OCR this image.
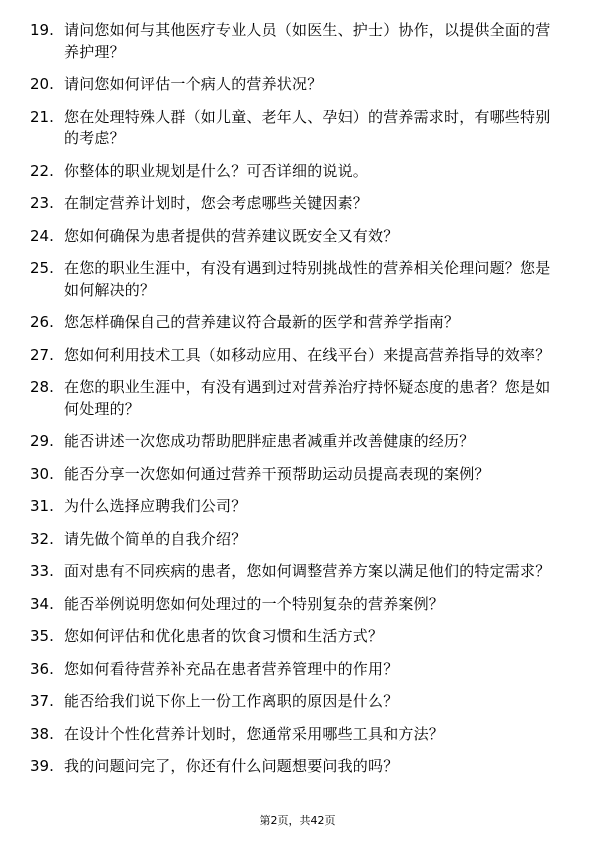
19. 请问您如何与其他医疗专业人员（如医生、护士）协作，以提供全面的营养护理？
20. 请问您如何评估一个病人的营养状况？
21. 您在处理特殊人群（如儿童、老年人、孕妇）的营养需求时，有哪些特别的考虑？
22. 你整体的职业规划是什么？可否详细的说说。
23. 在制定营养计划时，您会考虑哪些关键因素？
24. 您如何确保为患者提供的营养建议既安全又有效？
25. 在您的职业生涯中，有没有遇到过特别挑战性的营养相关伦理问题？您是如何解决的？
26. 您怎样确保自己的营养建议符合最新的医学和营养学指南？
27. 您如何利用技术工具（如移动应用、在线平台）来提高营养指导的效率？
28. 在您的职业生涯中，有没有遇到过对营养治疗持怀疑态度的患者？您是如何处理的？
29. 能否讲述一次您成功帮助肥胖症患者减重并改善健康的经历？
30. 能否分享一次您如何通过营养干预帮助运动员提高表现的案例？
31. 为什么选择应聘我们公司？
32. 请先做个简单的自我介绍？
33. 面对患有不同疾病的患者，您如何调整营养方案以满足他们的特定需求？
34. 能否举例说明您如何处理过的一个特别复杂的营养案例？
35. 您如何评估和优化患者的饮食习惯和生活方式？
36. 您如何看待营养补充品在患者营养管理中的作用？
37. 能否给我们说下你上一份工作离职的原因是什么？
38. 在设计个性化营养计划时，您通常采用哪些工具和方法？
39. 我的问题问完了，你还有什么问题想要问我的吗？
第2页，共42页
